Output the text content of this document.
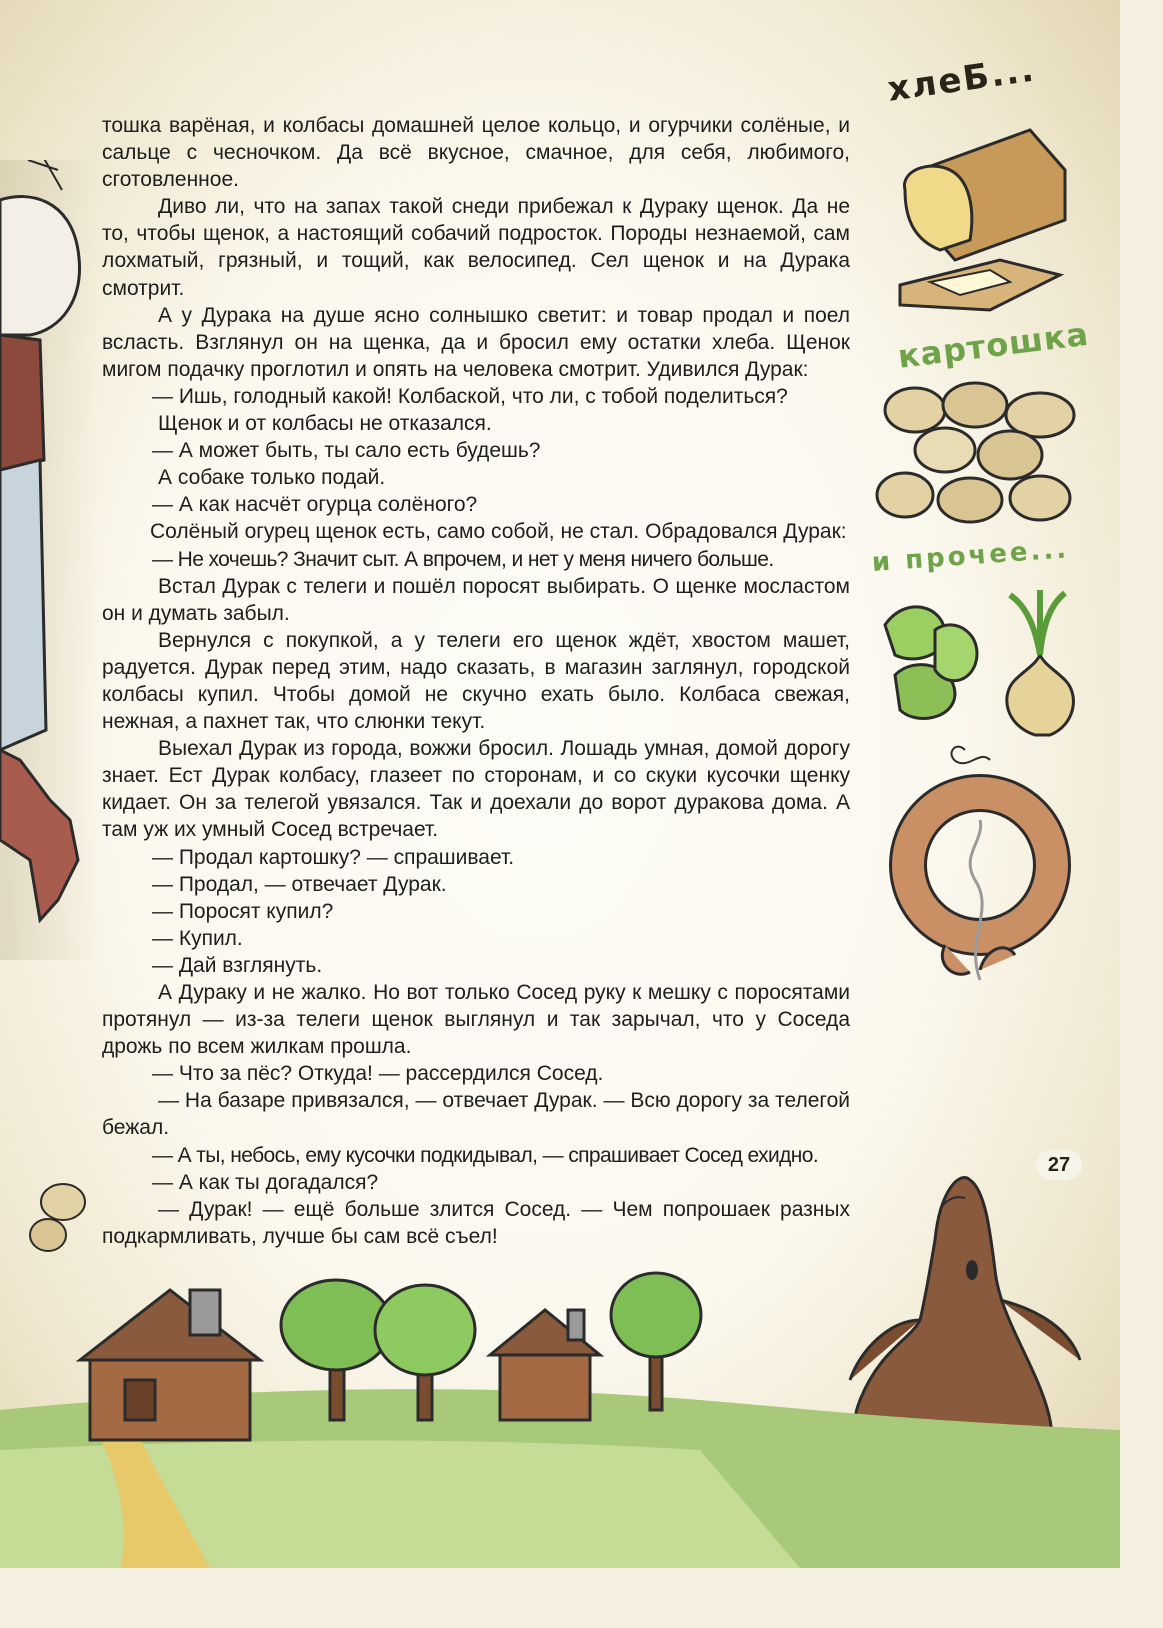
хлеБ...
картошка
и прочее...

тошка варёная, и колбасы домашней целое кольцо, и огурчики солёные, и сальце с чесночком. Да всё вкусное, смачное, для себя, любимого, сготовленное.

Диво ли, что на запах такой снеди прибежал к Дураку щенок. Да не то, чтобы щенок, а настоящий собачий подросток. Породы незнаемой, сам лохматый, грязный, и тощий, как велосипед. Сел щенок и на Дурака смотрит.

А у Дурака на душе ясно солнышко светит: и товар продал и поел всласть. Взглянул он на щенка, да и бросил ему остатки хлеба. Щенок мигом подачку проглотил и опять на человека смотрит. Удивился Дурак:

— Ишь, голодный какой! Колбаской, что ли, с тобой поделиться?

Щенок и от колбасы не отказался.

— А может быть, ты сало есть будешь?

А собаке только подай.

— А как насчёт огурца солёного?

Солёный огурец щенок есть, само собой, не стал. Обрадовался Дурак:

— Не хочешь? Значит сыт. А впрочем, и нет у меня ничего больше.

Встал Дурак с телеги и пошёл поросят выбирать. О щенке мосластом он и думать забыл.

Вернулся с покупкой, а у телеги его щенок ждёт, хвостом машет, радуется. Дурак перед этим, надо сказать, в магазин заглянул, городской колбасы купил. Чтобы домой не скучно ехать было. Колбаса свежая, нежная, а пахнет так, что слюнки текут.

Выехал Дурак из города, вожжи бросил. Лошадь умная, домой дорогу знает. Ест Дурак колбасу, глазеет по сторонам, и со скуки кусочки щенку кидает. Он за телегой увязался. Так и доехали до ворот дуракова дома. А там уж их умный Сосед встречает.

— Продал картошку? — спрашивает.

— Продал, — отвечает Дурак.

— Поросят купил?

— Купил.

— Дай взглянуть.

А Дураку и не жалко. Но вот только Сосед руку к мешку с поросятами протянул — из-за телеги щенок выглянул и так зарычал, что у Соседа дрожь по всем жилкам прошла.

— Что за пёс? Откуда! — рассердился Сосед.

— На базаре привязался, — отвечает Дурак. — Всю дорогу за телегой бежал.

— А ты, небось, ему кусочки подкидывал, — спрашивает Сосед ехидно.

— А как ты догадался?

— Дурак! — ещё больше злится Сосед. — Чем попрошаек разных подкармливать, лучше бы сам всё съел!

27
